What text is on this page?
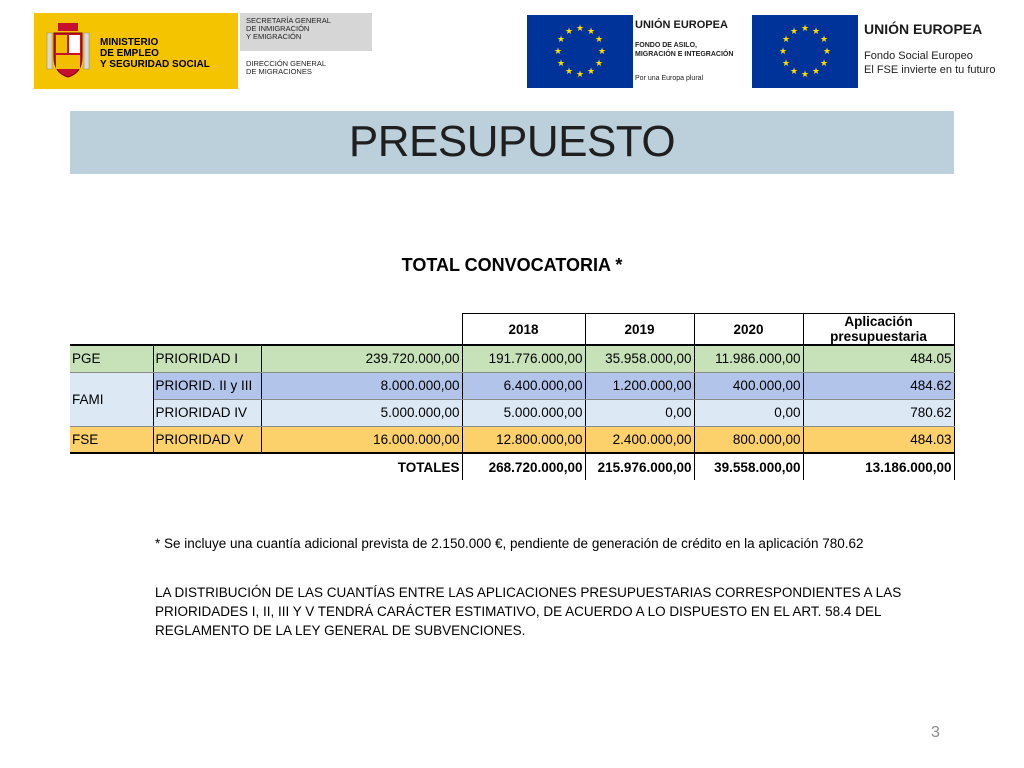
MINISTERIO
DE EMPLEO
Y SEGURIDAD SOCIAL
SECRETARÍA GENERAL
DE INMIGRACIÓN
Y EMIGRACIÓN
DIRECCIÓN GENERAL
DE MIGRACIONES
★ ★
★
★
★
★
★
★
★
★
★
★
UNIÓN EUROPEA
FONDO DE ASILO,
MIGRACIÓN E INTEGRACIÓN
Por una Europa plural
★ ★
★
★
★
★
★
★
★
★
★
★	UNIÓN EUROPEA
Fondo Social Europeo
El FSE invierte en tu futuro
PRESUPUESTO
TOTAL CONVOCATORIA *
			2018	2019	2020	Aplicación presupuestaria
PGE	PRIORIDAD I	239.720.000,00	191.776.000,00	35.958.000,00	11.986.000,00	484.05
FAMI	PRIORID. II y III	8.000.000,00	6.400.000,00	1.200.000,00	400.000,00	484.62
	PRIORIDAD IV	5.000.000,00	5.000.000,00	0,00	0,00	780.62
FSE	PRIORIDAD V	16.000.000,00	12.800.000,00	2.400.000,00	800.000,00	484.03
	TOTALES		268.720.000,00	215.976.000,00	39.558.000,00	13.186.000,00
* Se incluye una cuantía adicional prevista de 2.150.000 €, pendiente de generación de crédito en la aplicación 780.62
LA DISTRIBUCIÓN DE LAS CUANTÍAS ENTRE LAS APLICACIONES PRESUPUESTARIAS CORRESPONDIENTES A LAS PRIORIDADES I, II, III Y V TENDRÁ CARÁCTER ESTIMATIVO, DE ACUERDO A LO DISPUESTO EN EL ART. 58.4 DEL REGLAMENTO DE LA LEY GENERAL DE SUBVENCIONES.
3
